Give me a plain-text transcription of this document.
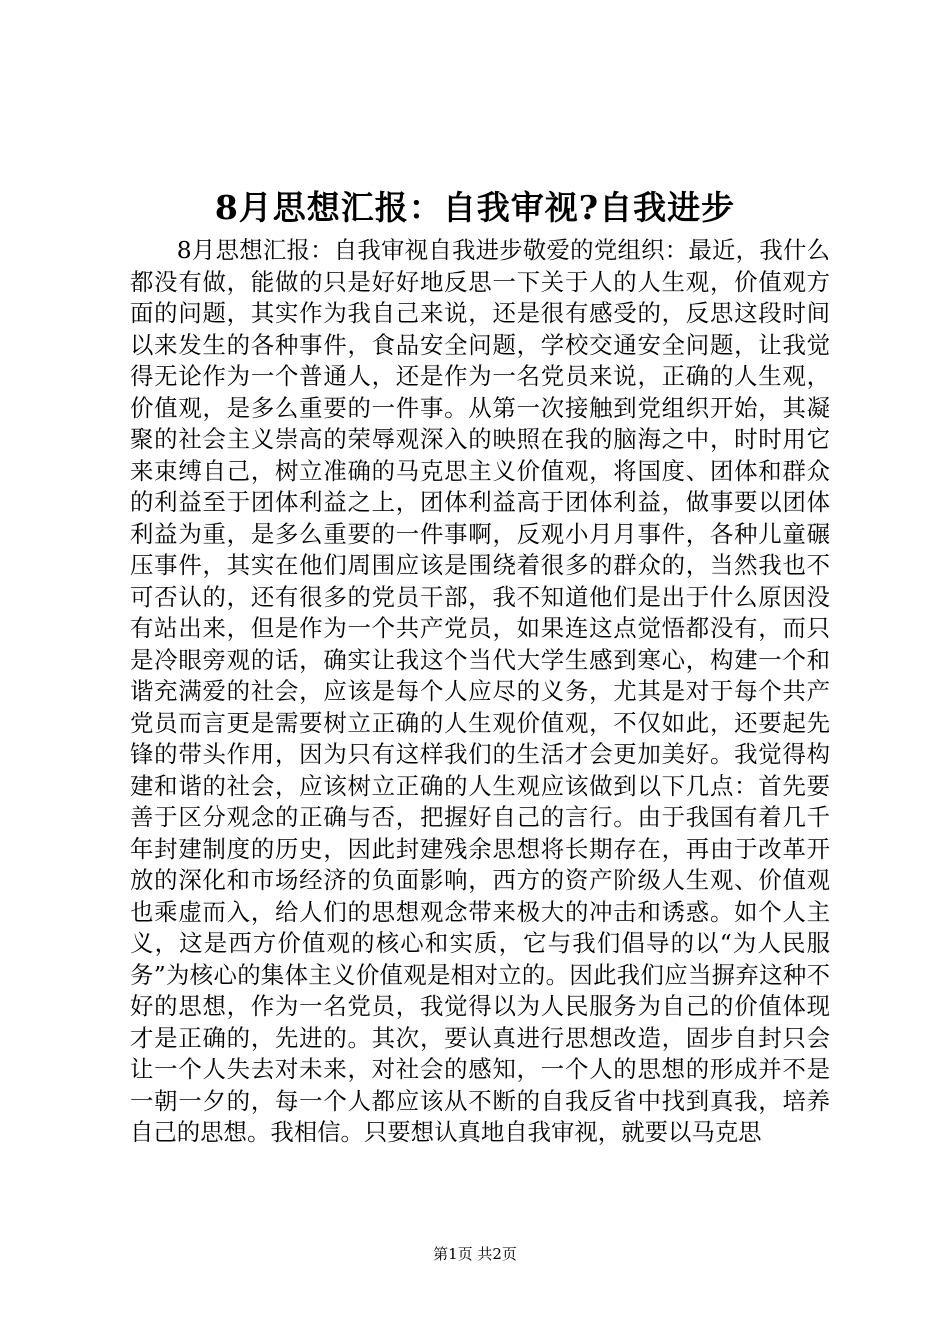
8月思想汇报：自我审视?自我进步

8月思想汇报：自我审视自我进步敬爱的党组织：最近，我什么都没有做，能做的只是好好地反思一下关于人的人生观，价值观方面的问题，其实作为我自己来说，还是很有感受的，反思这段时间以来发生的各种事件，食品安全问题，学校交通安全问题，让我觉得无论作为一个普通人，还是作为一名党员来说，正确的人生观，价值观，是多么重要的一件事。从第一次接触到党组织开始，其凝聚的社会主义崇高的荣辱观深入的映照在我的脑海之中，时时用它来束缚自己，树立准确的马克思主义价值观，将国度、团体和群众的利益至于团体利益之上，团体利益高于团体利益，做事要以团体利益为重，是多么重要的一件事啊，反观小月月事件，各种儿童碾压事件，其实在他们周围应该是围绕着很多的群众的，当然我也不可否认的，还有很多的党员干部，我不知道他们是出于什么原因没有站出来，但是作为一个共产党员，如果连这点觉悟都没有，而只是冷眼旁观的话，确实让我这个当代大学生感到寒心，构建一个和谐充满爱的社会，应该是每个人应尽的义务，尤其是对于每个共产党员而言更是需要树立正确的人生观价值观，不仅如此，还要起先锋的带头作用，因为只有这样我们的生活才会更加美好。我觉得构建和谐的社会，应该树立正确的人生观应该做到以下几点：首先要善于区分观念的正确与否，把握好自己的言行。由于我国有着几千年封建制度的历史，因此封建残余思想将长期存在，再由于改革开放的深化和市场经济的负面影响，西方的资产阶级人生观、价值观也乘虚而入，给人们的思想观念带来极大的冲击和诱惑。如个人主义，这是西方价值观的核心和实质，它与我们倡导的以“为人民服务”为核心的集体主义价值观是相对立的。因此我们应当摒弃这种不好的思想，作为一名党员，我觉得以为人民服务为自己的价值体现才是正确的，先进的。其次，要认真进行思想改造，固步自封只会让一个人失去对未来，对社会的感知，一个人的思想的形成并不是一朝一夕的，每一个人都应该从不断的自我反省中找到真我，培养自己的思想。我相信。只要想认真地自我审视，就要以马克思

第1页 共2页
